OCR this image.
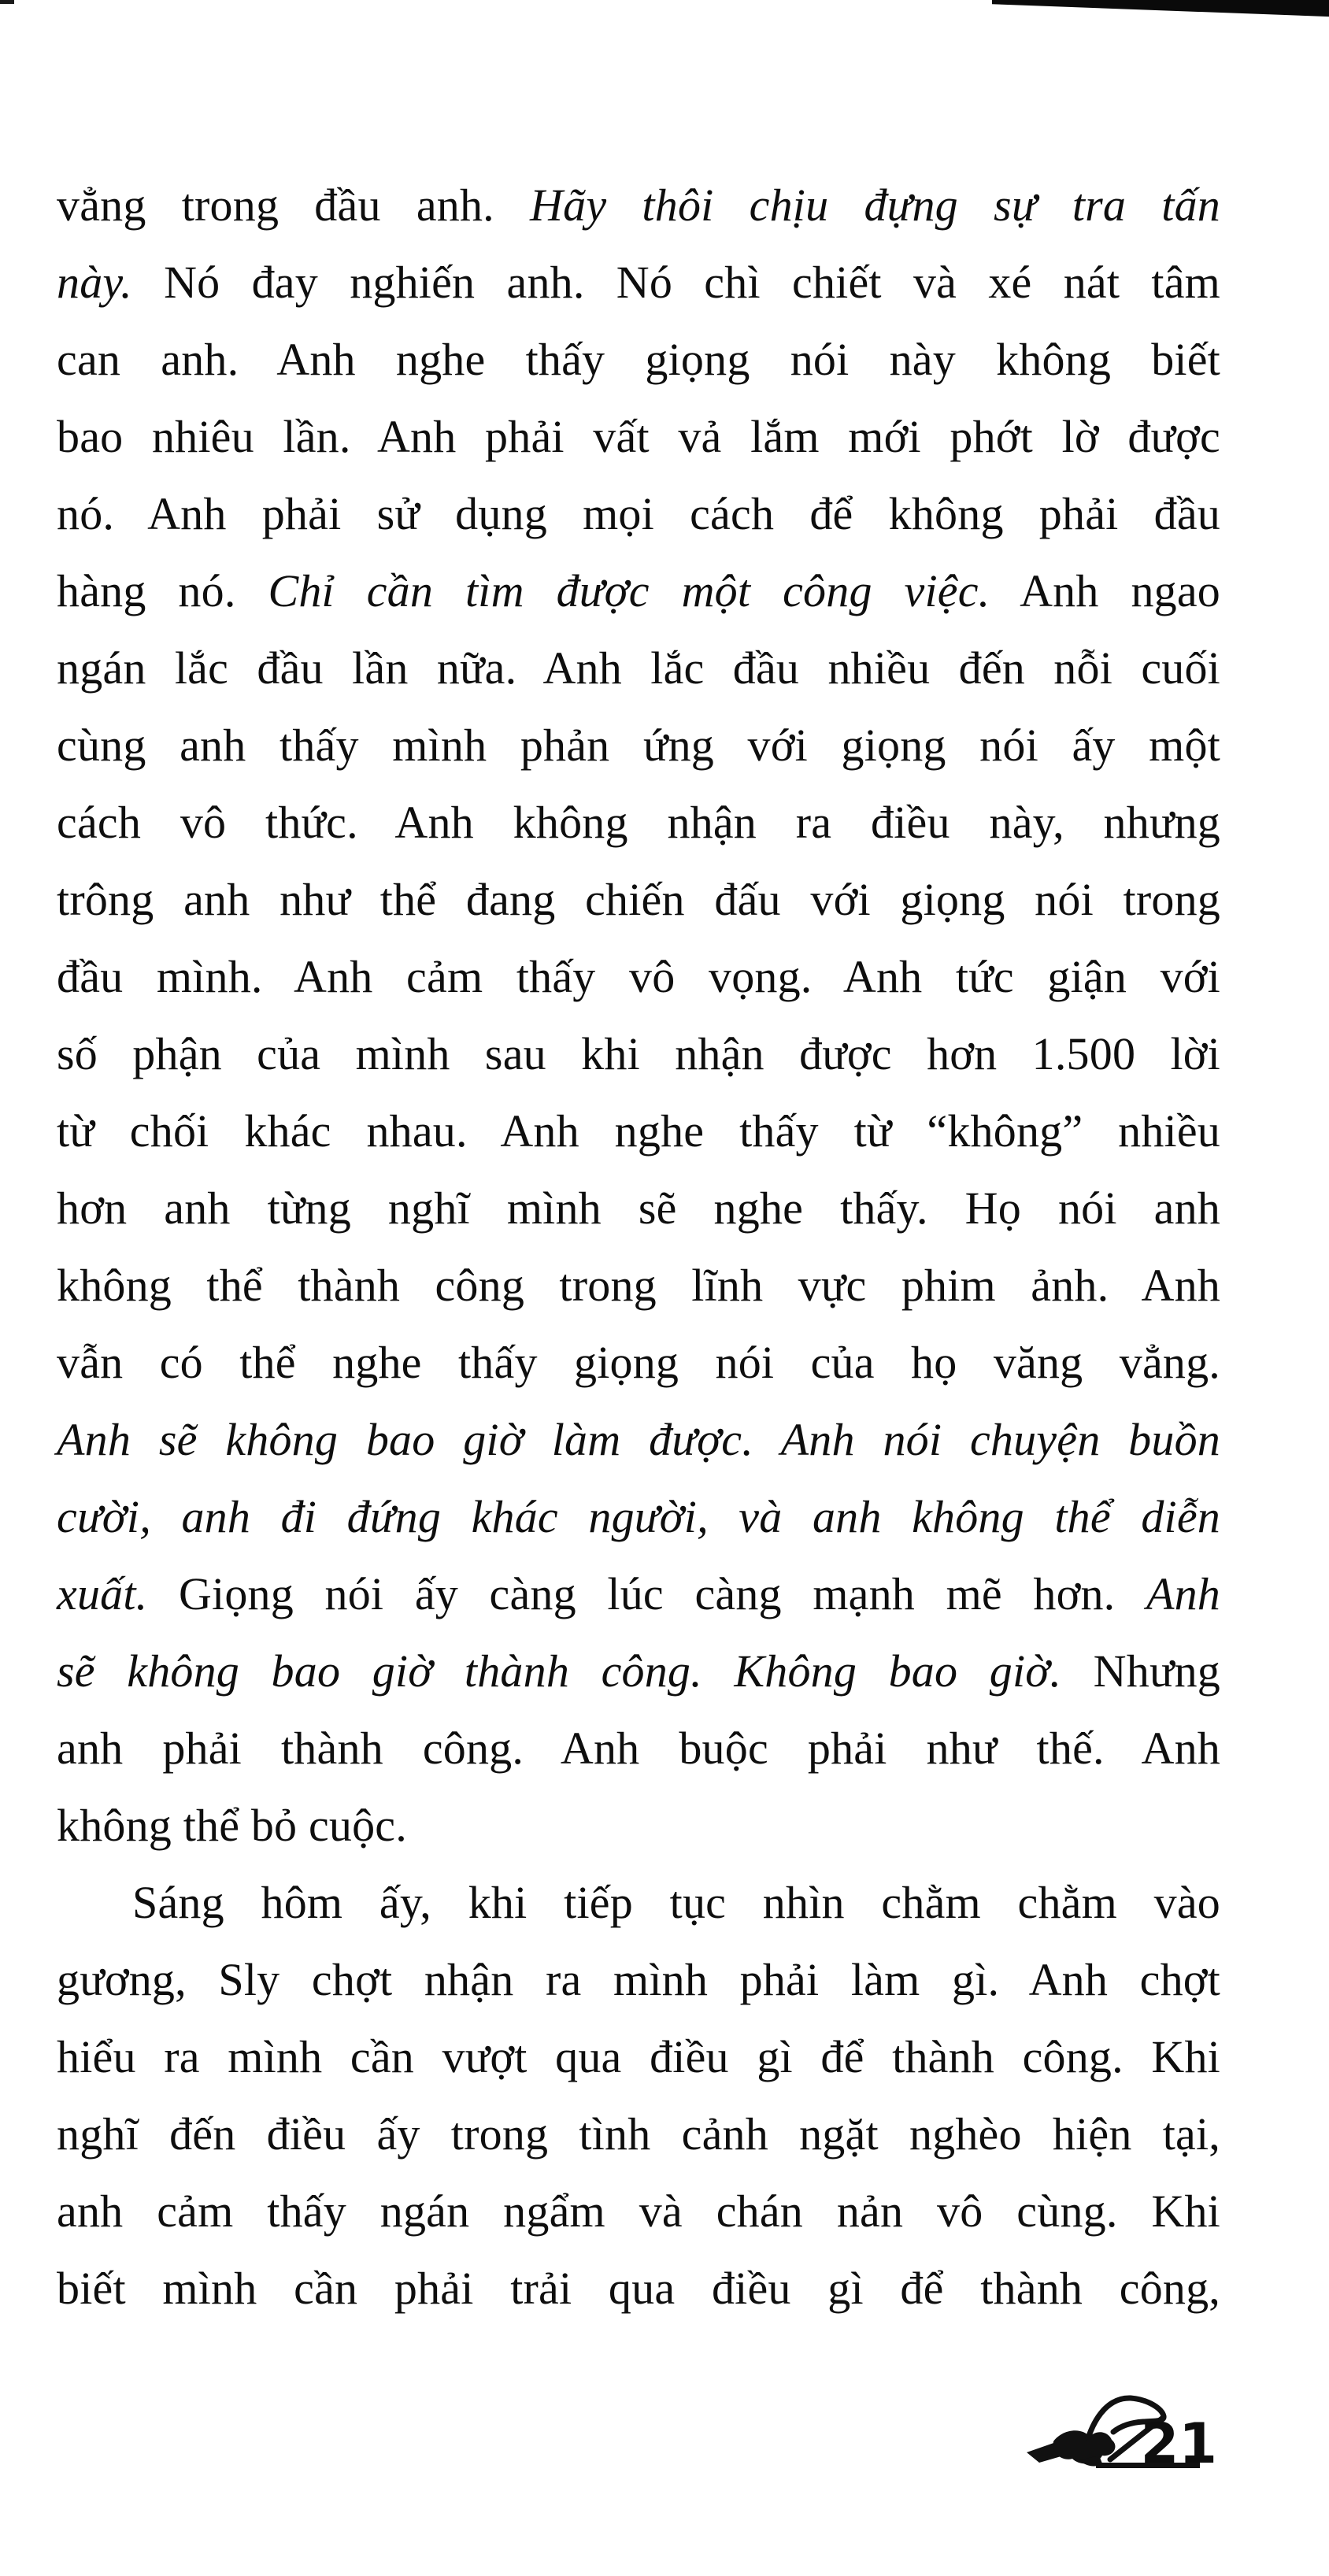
vẳng trong đầu anh. Hãy thôi chịu đựng sự tra tấn
này. Nó đay nghiến anh. Nó chì chiết và xé nát tâm
can anh. Anh nghe thấy giọng nói này không biết
bao nhiêu lần. Anh phải vất vả lắm mới phớt lờ được
nó. Anh phải sử dụng mọi cách để không phải đầu
hàng nó. Chỉ cần tìm được một công việc. Anh ngao
ngán lắc đầu lần nữa. Anh lắc đầu nhiều đến nỗi cuối
cùng anh thấy mình phản ứng với giọng nói ấy một
cách vô thức. Anh không nhận ra điều này, nhưng
trông anh như thể đang chiến đấu với giọng nói trong
đầu mình. Anh cảm thấy vô vọng. Anh tức giận với
số phận của mình sau khi nhận được hơn 1.500 lời
từ chối khác nhau. Anh nghe thấy từ “không” nhiều
hơn anh từng nghĩ mình sẽ nghe thấy. Họ nói anh
không thể thành công trong lĩnh vực phim ảnh. Anh
vẫn có thể nghe thấy giọng nói của họ văng vẳng.
Anh sẽ không bao giờ làm được. Anh nói chuyện buồn
cười, anh đi đứng khác người, và anh không thể diễn
xuất. Giọng nói ấy càng lúc càng mạnh mẽ hơn. Anh
sẽ không bao giờ thành công. Không bao giờ. Nhưng
anh phải thành công. Anh buộc phải như thế. Anh
không thể bỏ cuộc.
Sáng hôm ấy, khi tiếp tục nhìn chằm chằm vào
gương, Sly chợt nhận ra mình phải làm gì. Anh chợt
hiểu ra mình cần vượt qua điều gì để thành công. Khi
nghĩ đến điều ấy trong tình cảnh ngặt nghèo hiện tại,
anh cảm thấy ngán ngẩm và chán nản vô cùng. Khi
biết mình cần phải trải qua điều gì để thành công,
21
